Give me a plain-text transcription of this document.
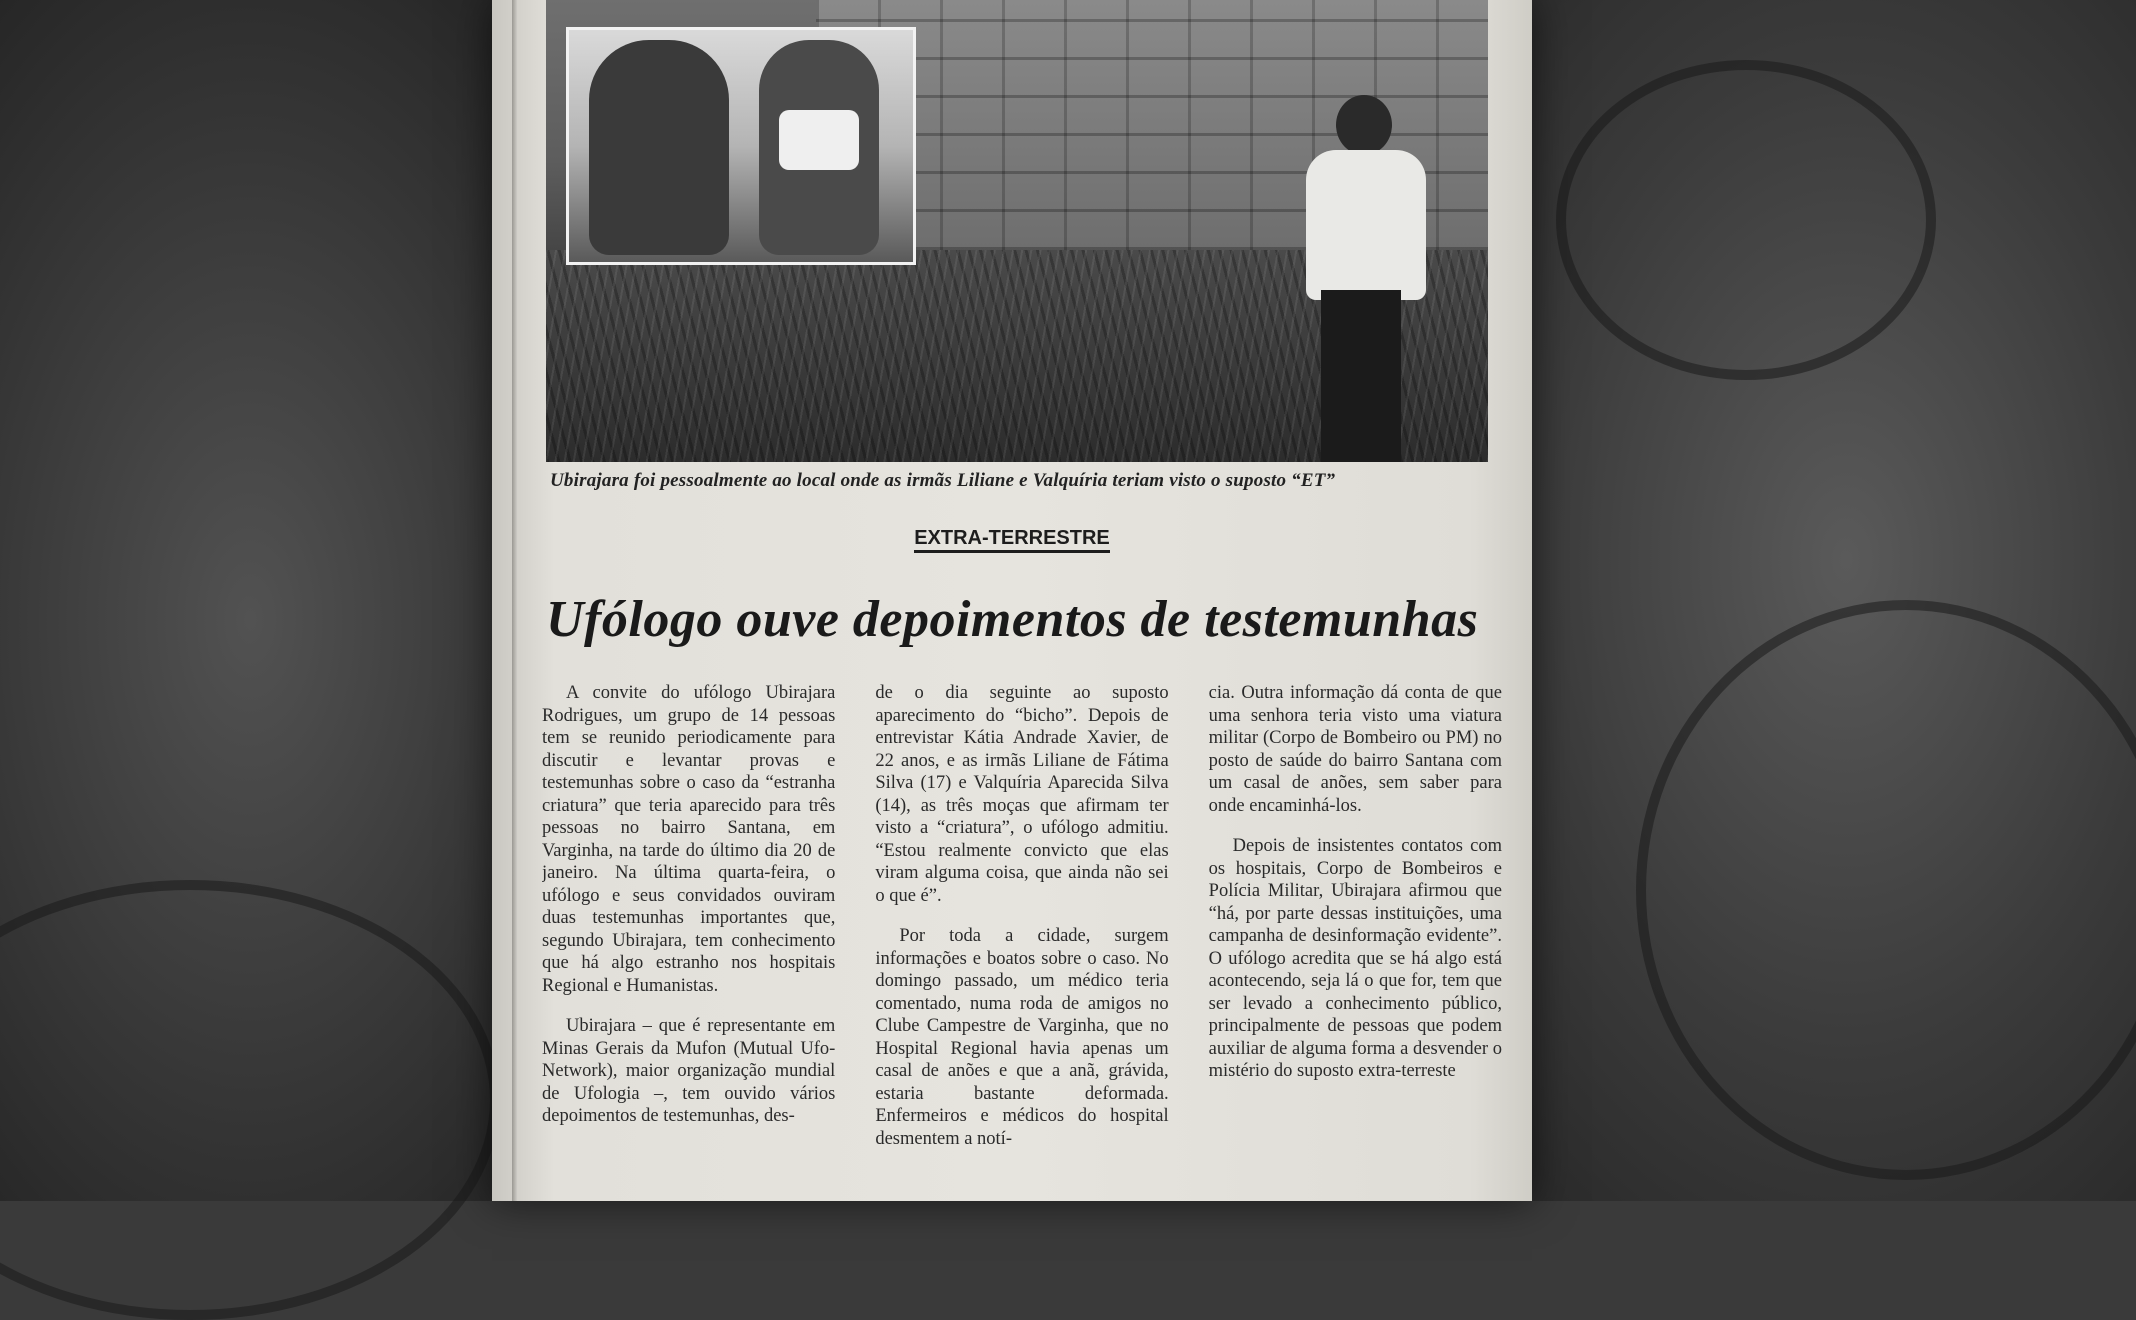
Ubirajara foi pessoalmente ao local onde as irmãs Liliane e Valquíria teriam visto o suposto “ET”
EXTRA-TERRESTRE
Ufólogo ouve depoimentos de testemunhas

A convite do ufólogo Ubirajara Rodrigues, um grupo de 14 pessoas tem se reunido periodicamente para discutir e levantar provas e testemunhas sobre o caso da “estranha criatura” que teria aparecido para três pessoas no bairro Santana, em Varginha, na tarde do último dia 20 de janeiro. Na última quarta-feira, o ufólogo e seus convidados ouviram duas testemunhas importantes que, segundo Ubirajara, tem conhecimento que há algo estranho nos hospitais Regional e Humanistas.

Ubirajara – que é representante em Minas Gerais da Mufon (Mutual Ufo-Network), maior organização mundial de Ufologia –, tem ouvido vários depoimentos de testemunhas, des-

de o dia seguinte ao suposto aparecimento do “bicho”. Depois de entrevistar Kátia Andrade Xavier, de 22 anos, e as irmãs Liliane de Fátima Silva (17) e Valquíria Aparecida Silva (14), as três moças que afirmam ter visto a “criatura”, o ufólogo admitiu. “Estou realmente convicto que elas viram alguma coisa, que ainda não sei o que é”.

Por toda a cidade, surgem informações e boatos sobre o caso. No domingo passado, um médico teria comentado, numa roda de amigos no Clube Campestre de Varginha, que no Hospital Regional havia apenas um casal de anões e que a anã, grávida, estaria bastante deformada. Enfermeiros e médicos do hospital desmentem a notí-

cia. Outra informação dá conta de que uma senhora teria visto uma viatura militar (Corpo de Bombeiro ou PM) no posto de saúde do bairro Santana com um casal de anões, sem saber para onde encaminhá-los.

Depois de insistentes contatos com os hospitais, Corpo de Bombeiros e Polícia Militar, Ubirajara afirmou que “há, por parte dessas instituições, uma campanha de desinformação evidente”. O ufólogo acredita que se há algo está acontecendo, seja lá o que for, tem que ser levado a conhecimento público, principalmente de pessoas que podem auxiliar de alguma forma a desvender o mistério do suposto extra-terreste
